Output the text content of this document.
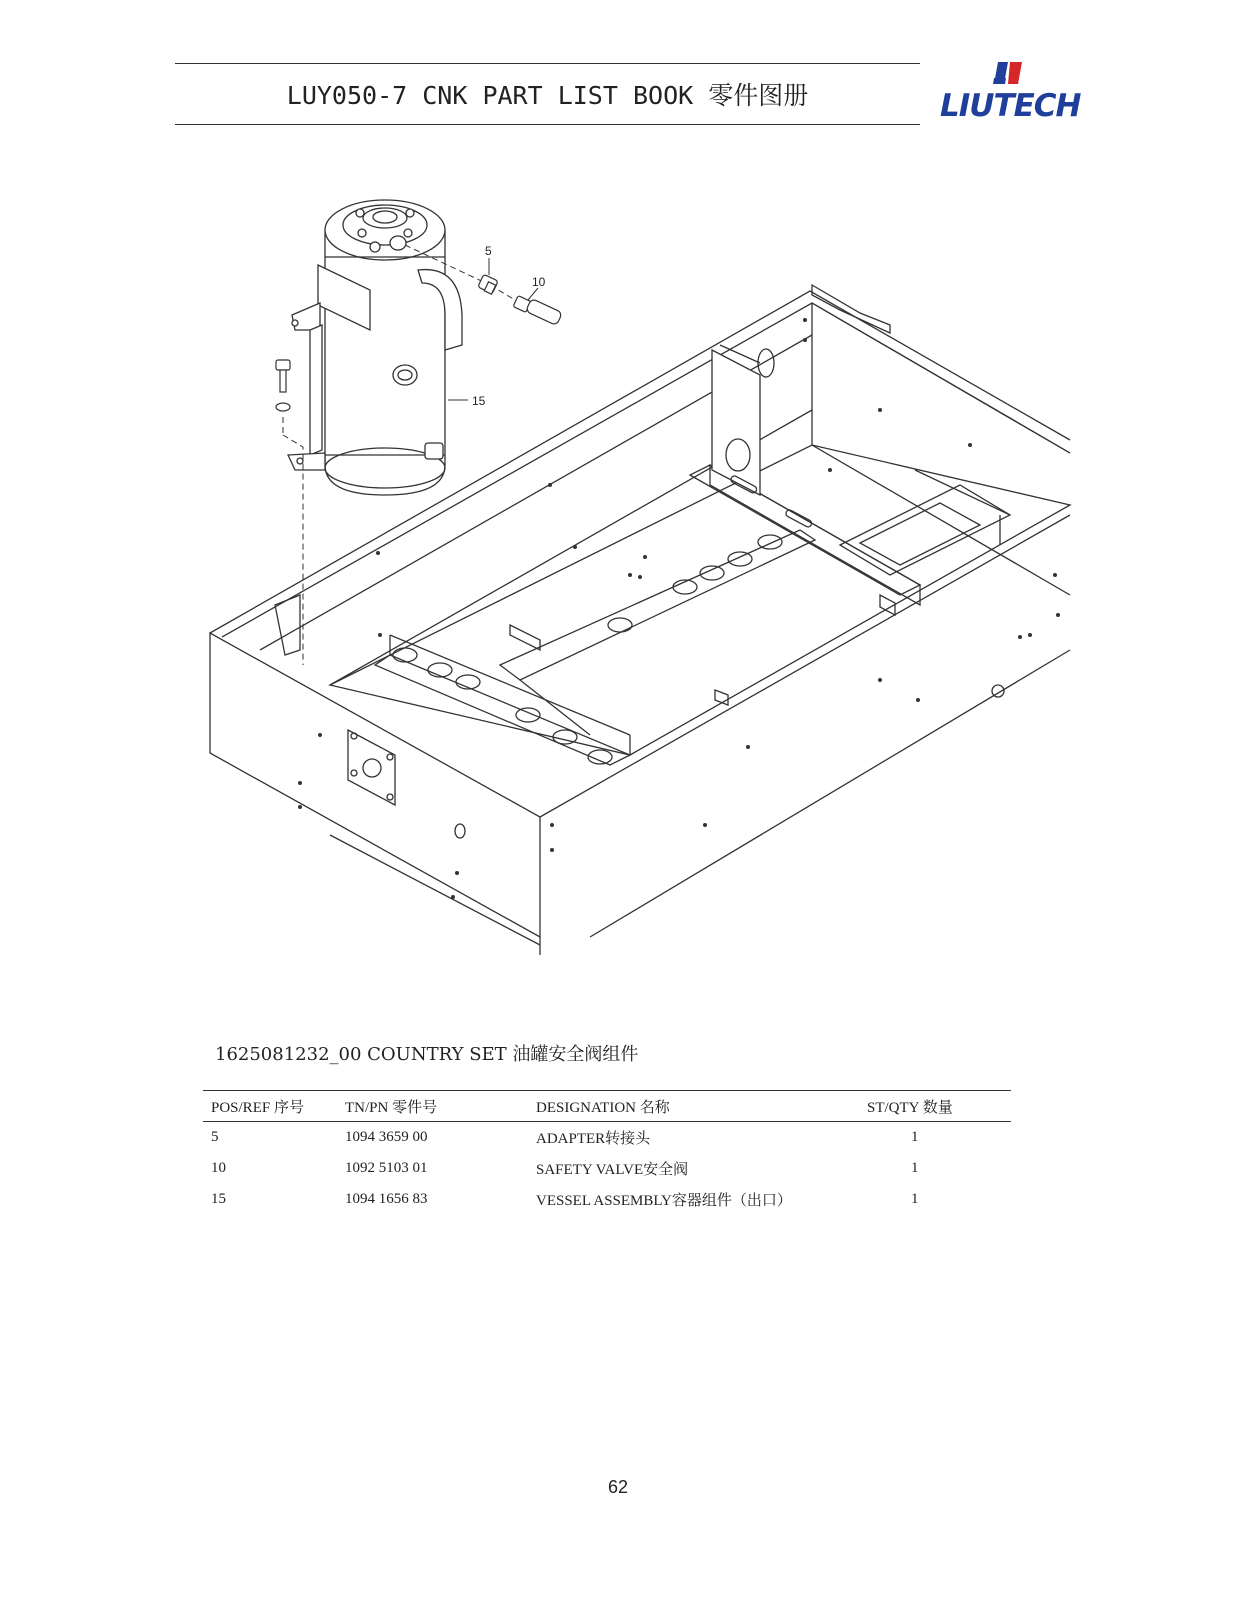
LUY050-7 CNK PART LIST BOOK 零件图册	LIUTECH
5
10
15
1625081232_00 COUNTRY SET 油罐安全阀组件
POS/REF 序号	TN/PN 零件号	DESIGNATION 名称	ST/QTY 数量
5	1094 3659 00	ADAPTER转接头	1
10	1092 5103 01	SAFETY VALVE安全阀	1
15	1094 1656 83	VESSEL ASSEMBLY容器组件（出口）	1
62
